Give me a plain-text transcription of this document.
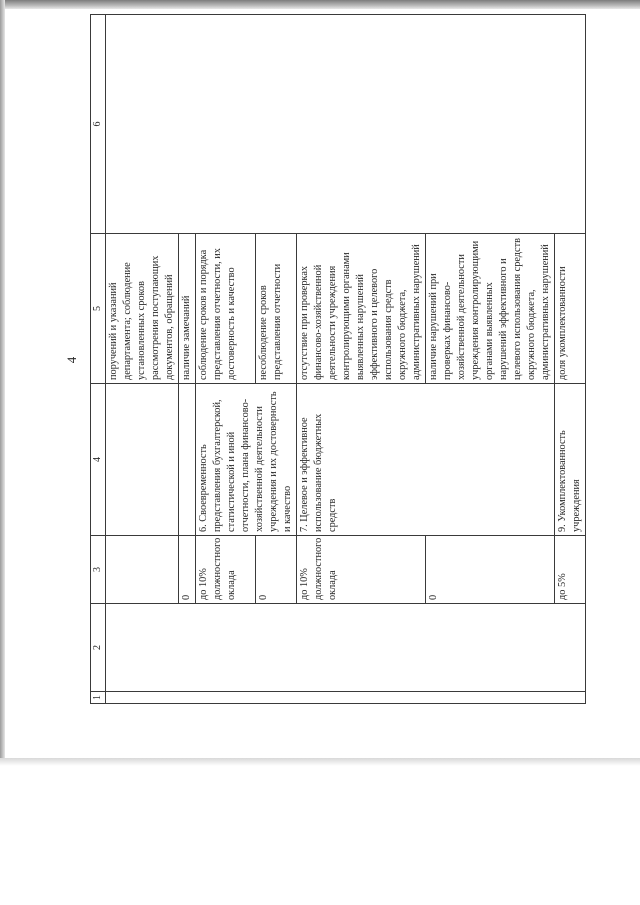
4
1	2	3	4	5	6
				поручений и указаний департамента; соблюдение установленных сроков рассмотрения поступающих документов, обращений	
		0		наличие замечаний	
		до 10% должностного оклада	6. Своевременность представления бухгалтерской, статистической и иной отчетности, плана финансово-хозяйственной деятельности учреждения и их достоверность и качество	соблюдение сроков и порядка представления отчетности, их достоверность и качество	
		0		несоблюдение сроков представления отчетности	
		до 10% должностного оклада	7. Целевое и эффективное использование бюджетных средств	отсутствие при проверках финансово-хозяйственной деятельности учреждения контролирующими органами выявленных нарушений эффективного и целевого использования средств окружного бюджета, административных нарушений	
		0		наличие нарушений при проверках финансово-хозяйственной деятельности учреждения контролирующими органами выявленных нарушений эффективного и целевого использования средств окружного бюджета, административных нарушений	
		до 5%	9. Укомплектованность учреждения	доля укомплектованности	
